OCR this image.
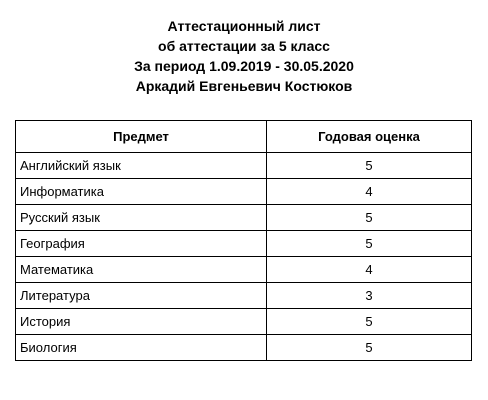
Аттестационный лист
об аттестации за 5 класс
За период 1.09.2019 - 30.05.2020
Аркадий Евгеньевич Костюков
Предмет	Годовая оценка
Английский язык	5
Информатика	4
Русский язык	5
География	5
Математика	4
Литература	3
История	5
Биология	5
